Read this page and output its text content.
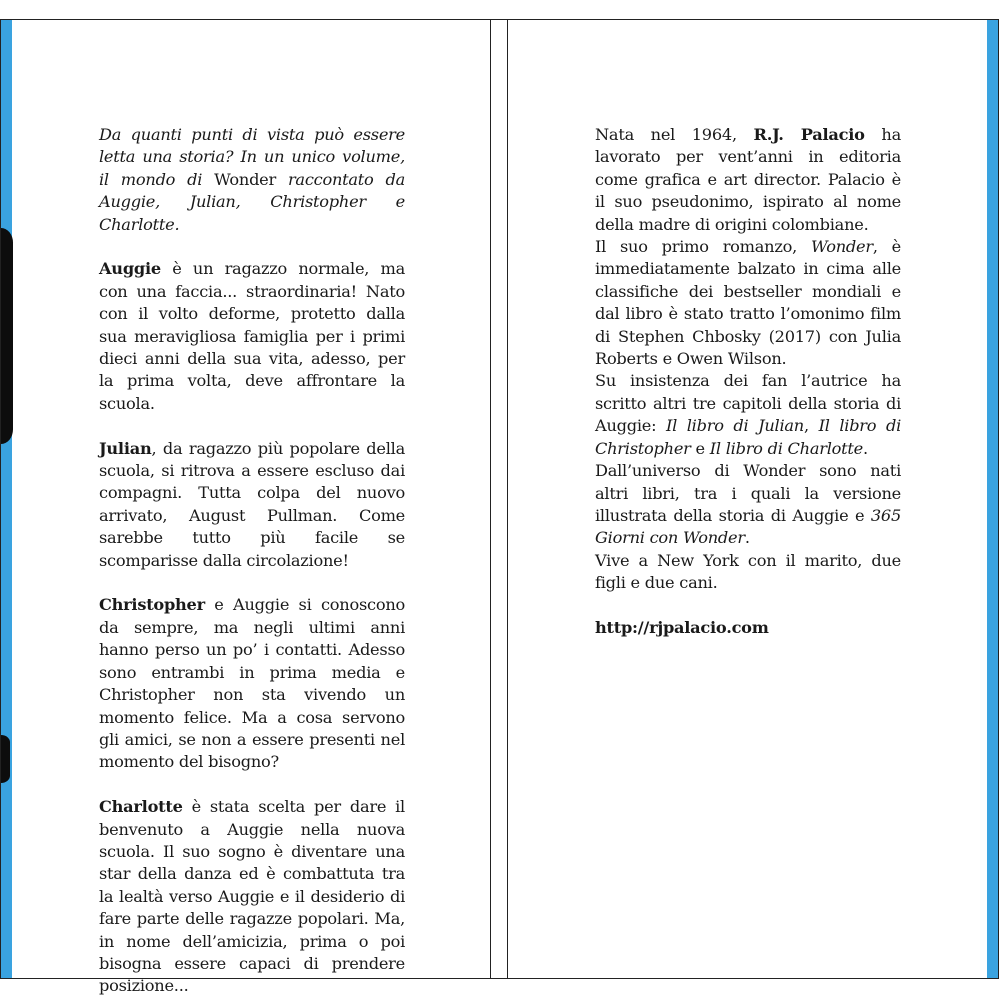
Da quanti punti di vista può essere letta una storia? In un unico volume, il mondo di Wonder raccontato da Auggie, Julian, Christopher e Charlotte.

Auggie è un ragazzo normale, ma con una faccia... straordinaria! Nato con il volto deforme, protetto dalla sua meravigliosa famiglia per i primi dieci anni della sua vita, adesso, per la prima volta, deve affrontare la scuola.

Julian, da ragazzo più popolare della scuola, si ritrova a essere escluso dai compagni. Tutta colpa del nuovo arrivato, August Pullman. Come sarebbe tutto più facile se scomparisse dalla circolazione!

Christopher e Auggie si conoscono da sempre, ma negli ultimi anni hanno perso un po’ i contatti. Adesso sono entrambi in prima media e Christopher non sta vivendo un momento felice. Ma a cosa servono gli amici, se non a essere presenti nel momento del bisogno?

Charlotte è stata scelta per dare il benvenuto a Auggie nella nuova scuola. Il suo sogno è diventare una star della danza ed è combattuta tra la lealtà verso Auggie e il desiderio di fare parte delle ragazze popolari. Ma, in nome dell’amicizia, prima o poi bisogna essere capaci di prendere posizione...

Nata nel 1964, R.J. Palacio ha lavorato per vent’anni in editoria come grafica e art director. Palacio è il suo pseudonimo, ispirato al nome della madre di origini colombiane.

Il suo primo romanzo, Wonder, è immediatamente balzato in cima alle classifiche dei bestseller mondiali e dal libro è stato tratto l’omonimo film di Stephen Chbosky (2017) con Julia Roberts e Owen Wilson.

Su insistenza dei fan l’autrice ha scritto altri tre capitoli della storia di Auggie: Il libro di Julian, Il libro di Christopher e Il libro di Charlotte.

Dall’universo di Wonder sono nati altri libri, tra i quali la versione illustrata della storia di Auggie e 365 Giorni con Wonder.

Vive a New York con il marito, due figli e due cani.

http://rjpalacio.com
